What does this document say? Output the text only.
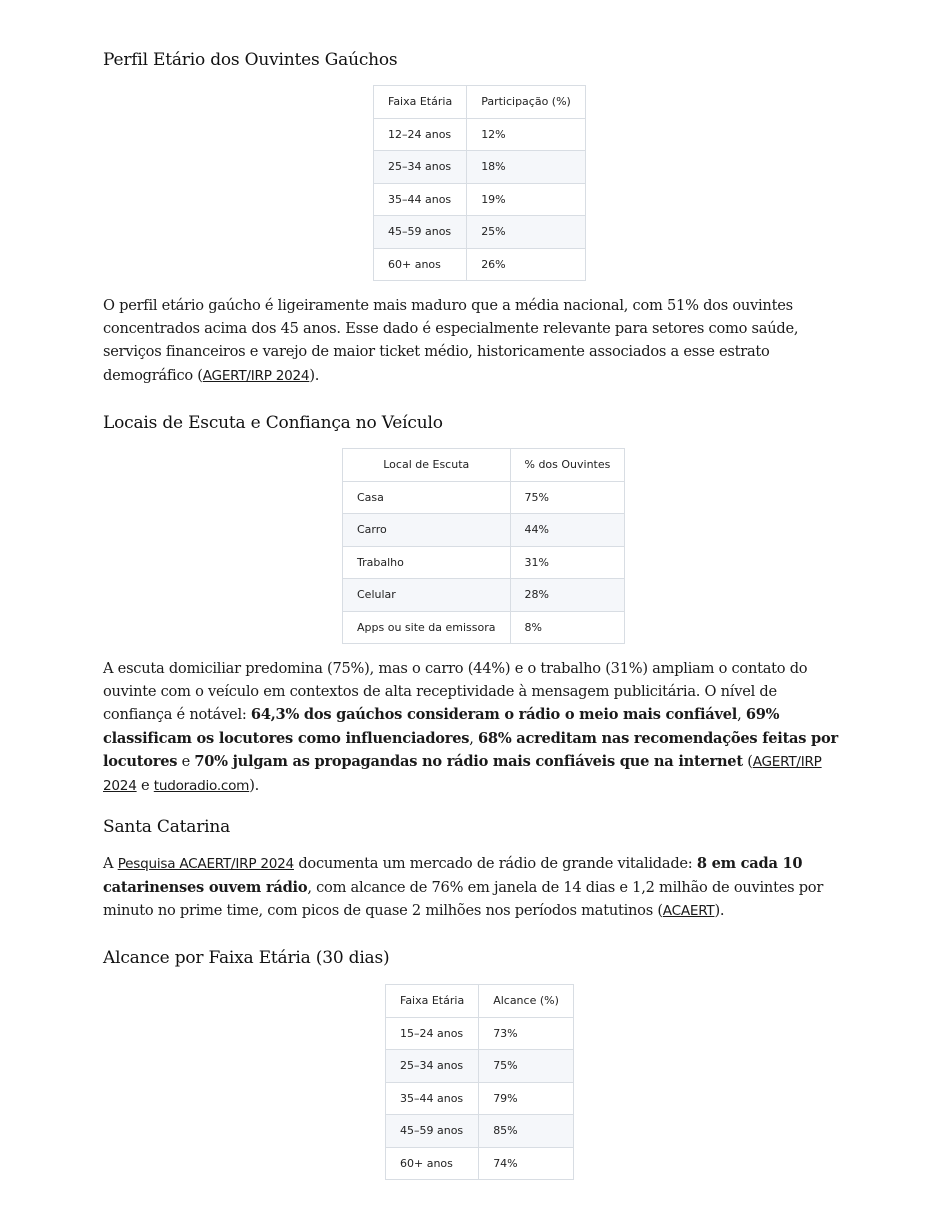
Perfil Etário dos Ouvintes Gaúchos
Faixa Etária	Participação (%)
12–24 anos	12%
25–34 anos	18%
35–44 anos	19%
45–59 anos	25%
60+ anos	26%

O perfil etário gaúcho é ligeiramente mais maduro que a média nacional, com 51% dos ouvintes concentrados acima dos 45 anos. Esse dado é especialmente relevante para setores como saúde, serviços financeiros e varejo de maior ticket médio, historicamente associados a esse estrato demográfico (AGERT/IRP 2024).

Locais de Escuta e Confiança no Veículo
Local de Escuta	% dos Ouvintes
Casa	75%
Carro	44%
Trabalho	31%
Celular	28%
Apps ou site da emissora	8%

A escuta domiciliar predomina (75%), mas o carro (44%) e o trabalho (31%) ampliam o contato do ouvinte com o veículo em contextos de alta receptividade à mensagem publicitária. O nível de confiança é notável: 64,3% dos gaúchos consideram o rádio o meio mais confiável, 69% classificam os locutores como influenciadores, 68% acreditam nas recomendações feitas por locutores e 70% julgam as propagandas no rádio mais confiáveis que na internet (AGERT/IRP 2024 e tudoradio.com).

Santa Catarina

A Pesquisa ACAERT/IRP 2024 documenta um mercado de rádio de grande vitalidade: 8 em cada 10 catarinenses ouvem rádio, com alcance de 76% em janela de 14 dias e 1,2 milhão de ouvintes por minuto no prime time, com picos de quase 2 milhões nos períodos matutinos (ACAERT).

Alcance por Faixa Etária (30 dias)
Faixa Etária	Alcance (%)
15–24 anos	73%
25–34 anos	75%
35–44 anos	79%
45–59 anos	85%
60+ anos	74%
